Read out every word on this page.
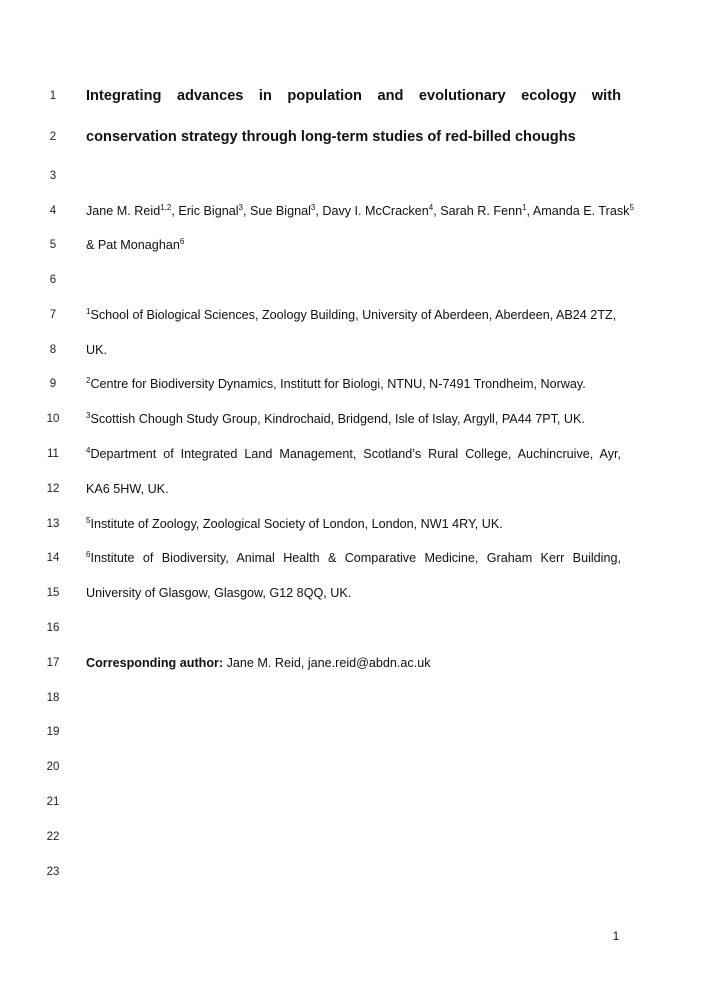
1	Integrating advances in population and evolutionary ecology with
2	conservation strategy through long-term studies of red-billed choughs
3
4	Jane M. Reid$^{1,2}$, Eric Bignal$^3$, Sue Bignal$^3$, Davy I. McCracken$^4$, Sarah R. Fenn$^1$, Amanda E. Trask$^5$
5	& Pat Monaghan$^6$
6
7	$^1$School of Biological Sciences, Zoology Building, University of Aberdeen, Aberdeen, AB24 2TZ,
8	UK.
9	$^2$Centre for Biodiversity Dynamics, Institutt for Biologi, NTNU, N-7491 Trondheim, Norway.
10	$^3$Scottish Chough Study Group, Kindrochaid, Bridgend, Isle of Islay, Argyll, PA44 7PT, UK.
11	$^4$Department of Integrated Land Management, Scotland’s Rural College, Auchincruive, Ayr,
12	KA6 5HW, UK.
13	$^5$Institute of Zoology, Zoological Society of London, London, NW1 4RY, UK.
14	$^6$Institute of Biodiversity, Animal Health & Comparative Medicine, Graham Kerr Building,
15	University of Glasgow, Glasgow, G12 8QQ, UK.
16
17	Corresponding author: Jane M. Reid, jane.reid@abdn.ac.uk
18
19
20
21
22
23
1
